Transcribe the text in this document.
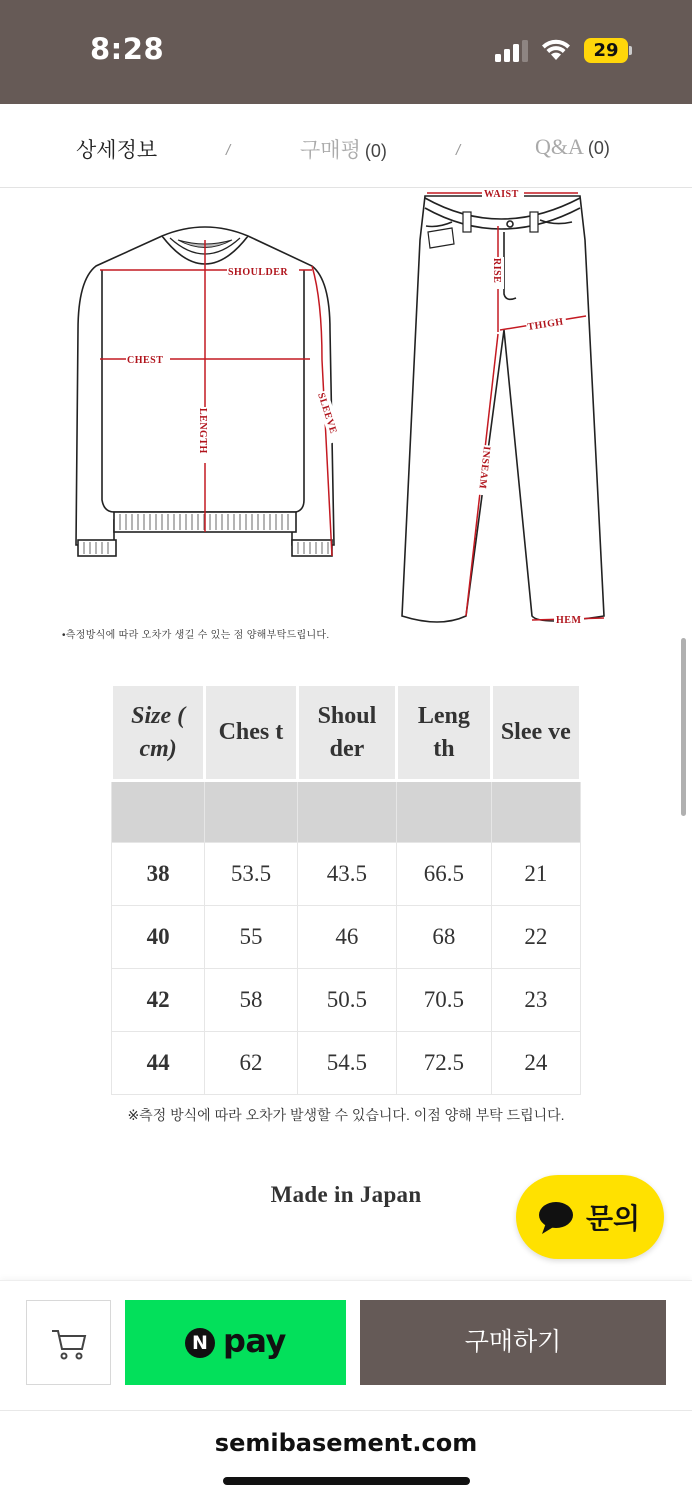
8:28	29
상세정보	/	구매평 (0)	/	Q&A (0)
SHOULDER
CHEST
LENGTH	SLEEVE
WAIST
RISE
THIGH
INSEAM
HEM
•측정방식에 따라 오차가 생길 수 있는 점 양해부탁드립니다.
Size ( cm)	Ches t	Shoul der	Leng th	Slee ve

38	53.5	43.5	66.5	21
40	55	46	68	22
42	58	50.5	70.5	23
44	62	54.5	72.5	24
※측정 방식에 따라 오차가 발생할 수 있습니다. 이점 양해 부탁 드립니다.
Made in Japan
문의
N pay	구매하기
semibasement.com
